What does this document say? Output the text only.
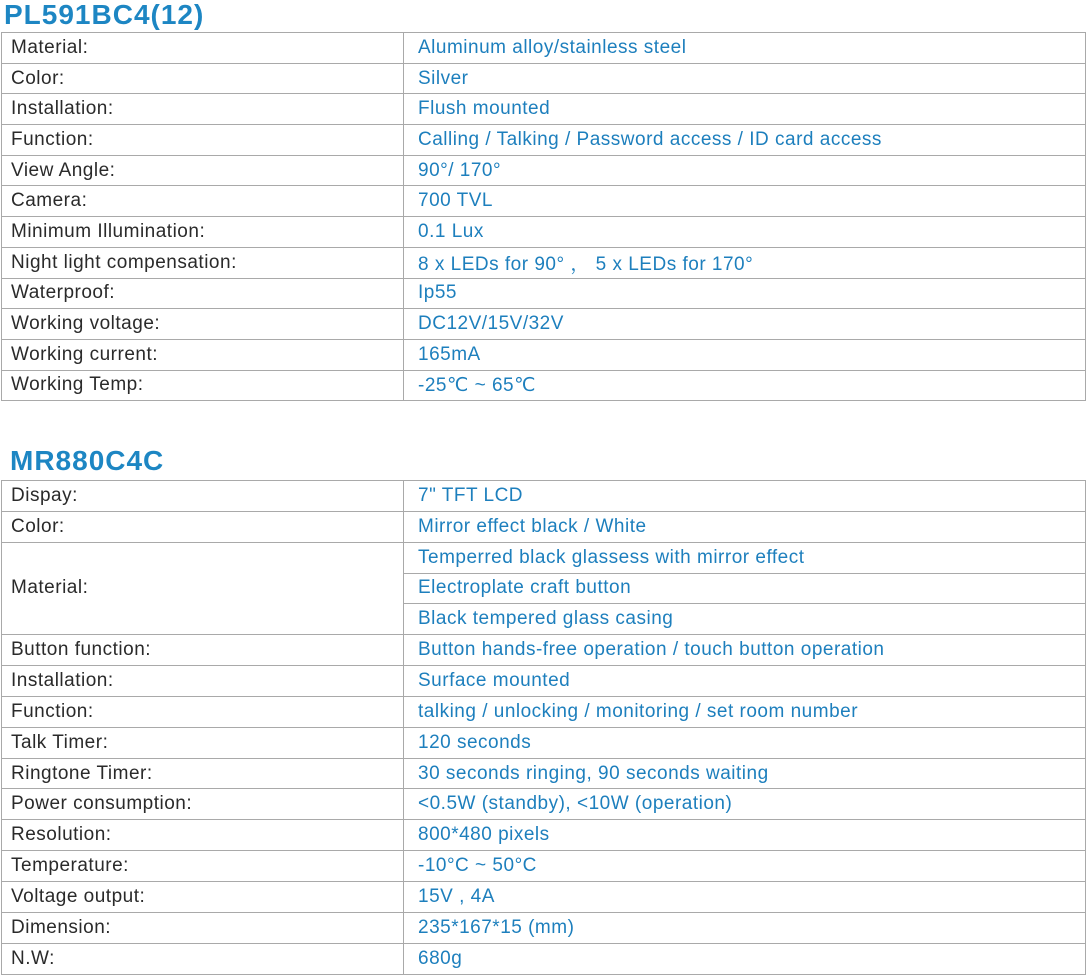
PL591BC4(12)
Material:	Aluminum alloy/stainless steel
Color:	Silver
Installation:	Flush mounted
Function:	Calling / Talking / Password access / ID card access
View Angle:	90°/ 170°
Camera:	700 TVL
Minimum Illumination:	0.1 Lux
Night light compensation:	8 x LEDs for 90° ， 5 x LEDs for 170°
Waterproof:	Ip55
Working voltage:	DC12V/15V/32V
Working current:	165mA
Working Temp:	-25℃ ~ 65℃
MR880C4C
Dispay:	7" TFT LCD
Color:	Mirror effect black / White
Material:	Temperred black glassess with mirror effect
	Electroplate craft button
	Black tempered glass casing
Button function:	Button hands-free operation / touch button operation
Installation:	Surface mounted
Function:	talking / unlocking / monitoring / set room number
Talk Timer:	120 seconds
Ringtone Timer:	30 seconds ringing, 90 seconds waiting
Power consumption:	<0.5W (standby), <10W (operation)
Resolution:	800*480 pixels
Temperature:	-10°C ~ 50°C
Voltage output:	15V , 4A
Dimension:	235*167*15 (mm)
N.W:	680g
